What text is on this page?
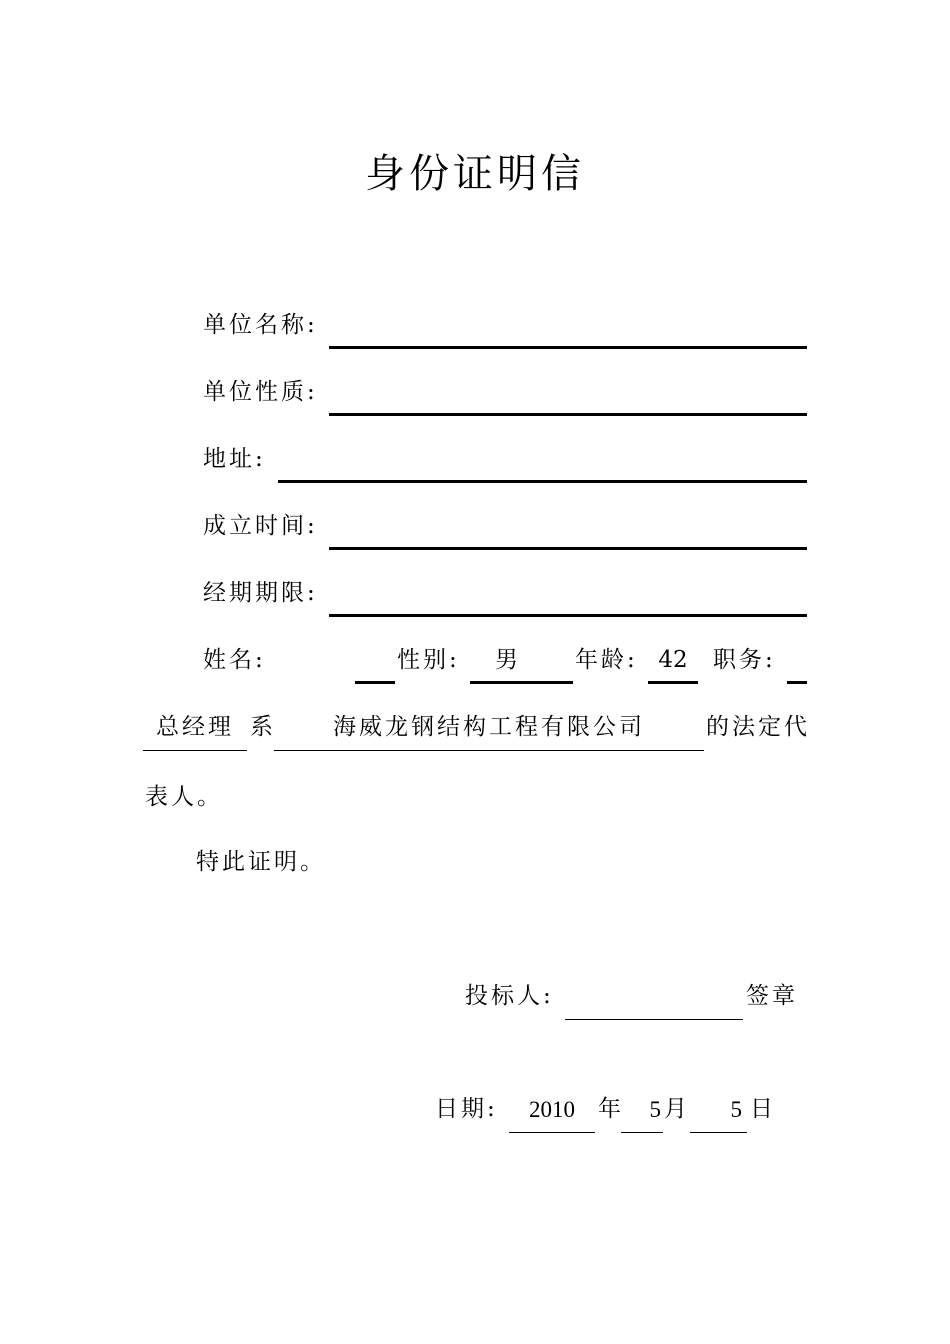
身份证明信
单位名称:
单位性质:
地址:
成立时间:
经期期限:
姓名:	性别:	男	年龄: 42	职务:
总经理 系	海威龙钢结构工程有限公司	的法定代
表人。
特此证明。
投标人:	签章
日期:	2010	年	5 月	5 日
